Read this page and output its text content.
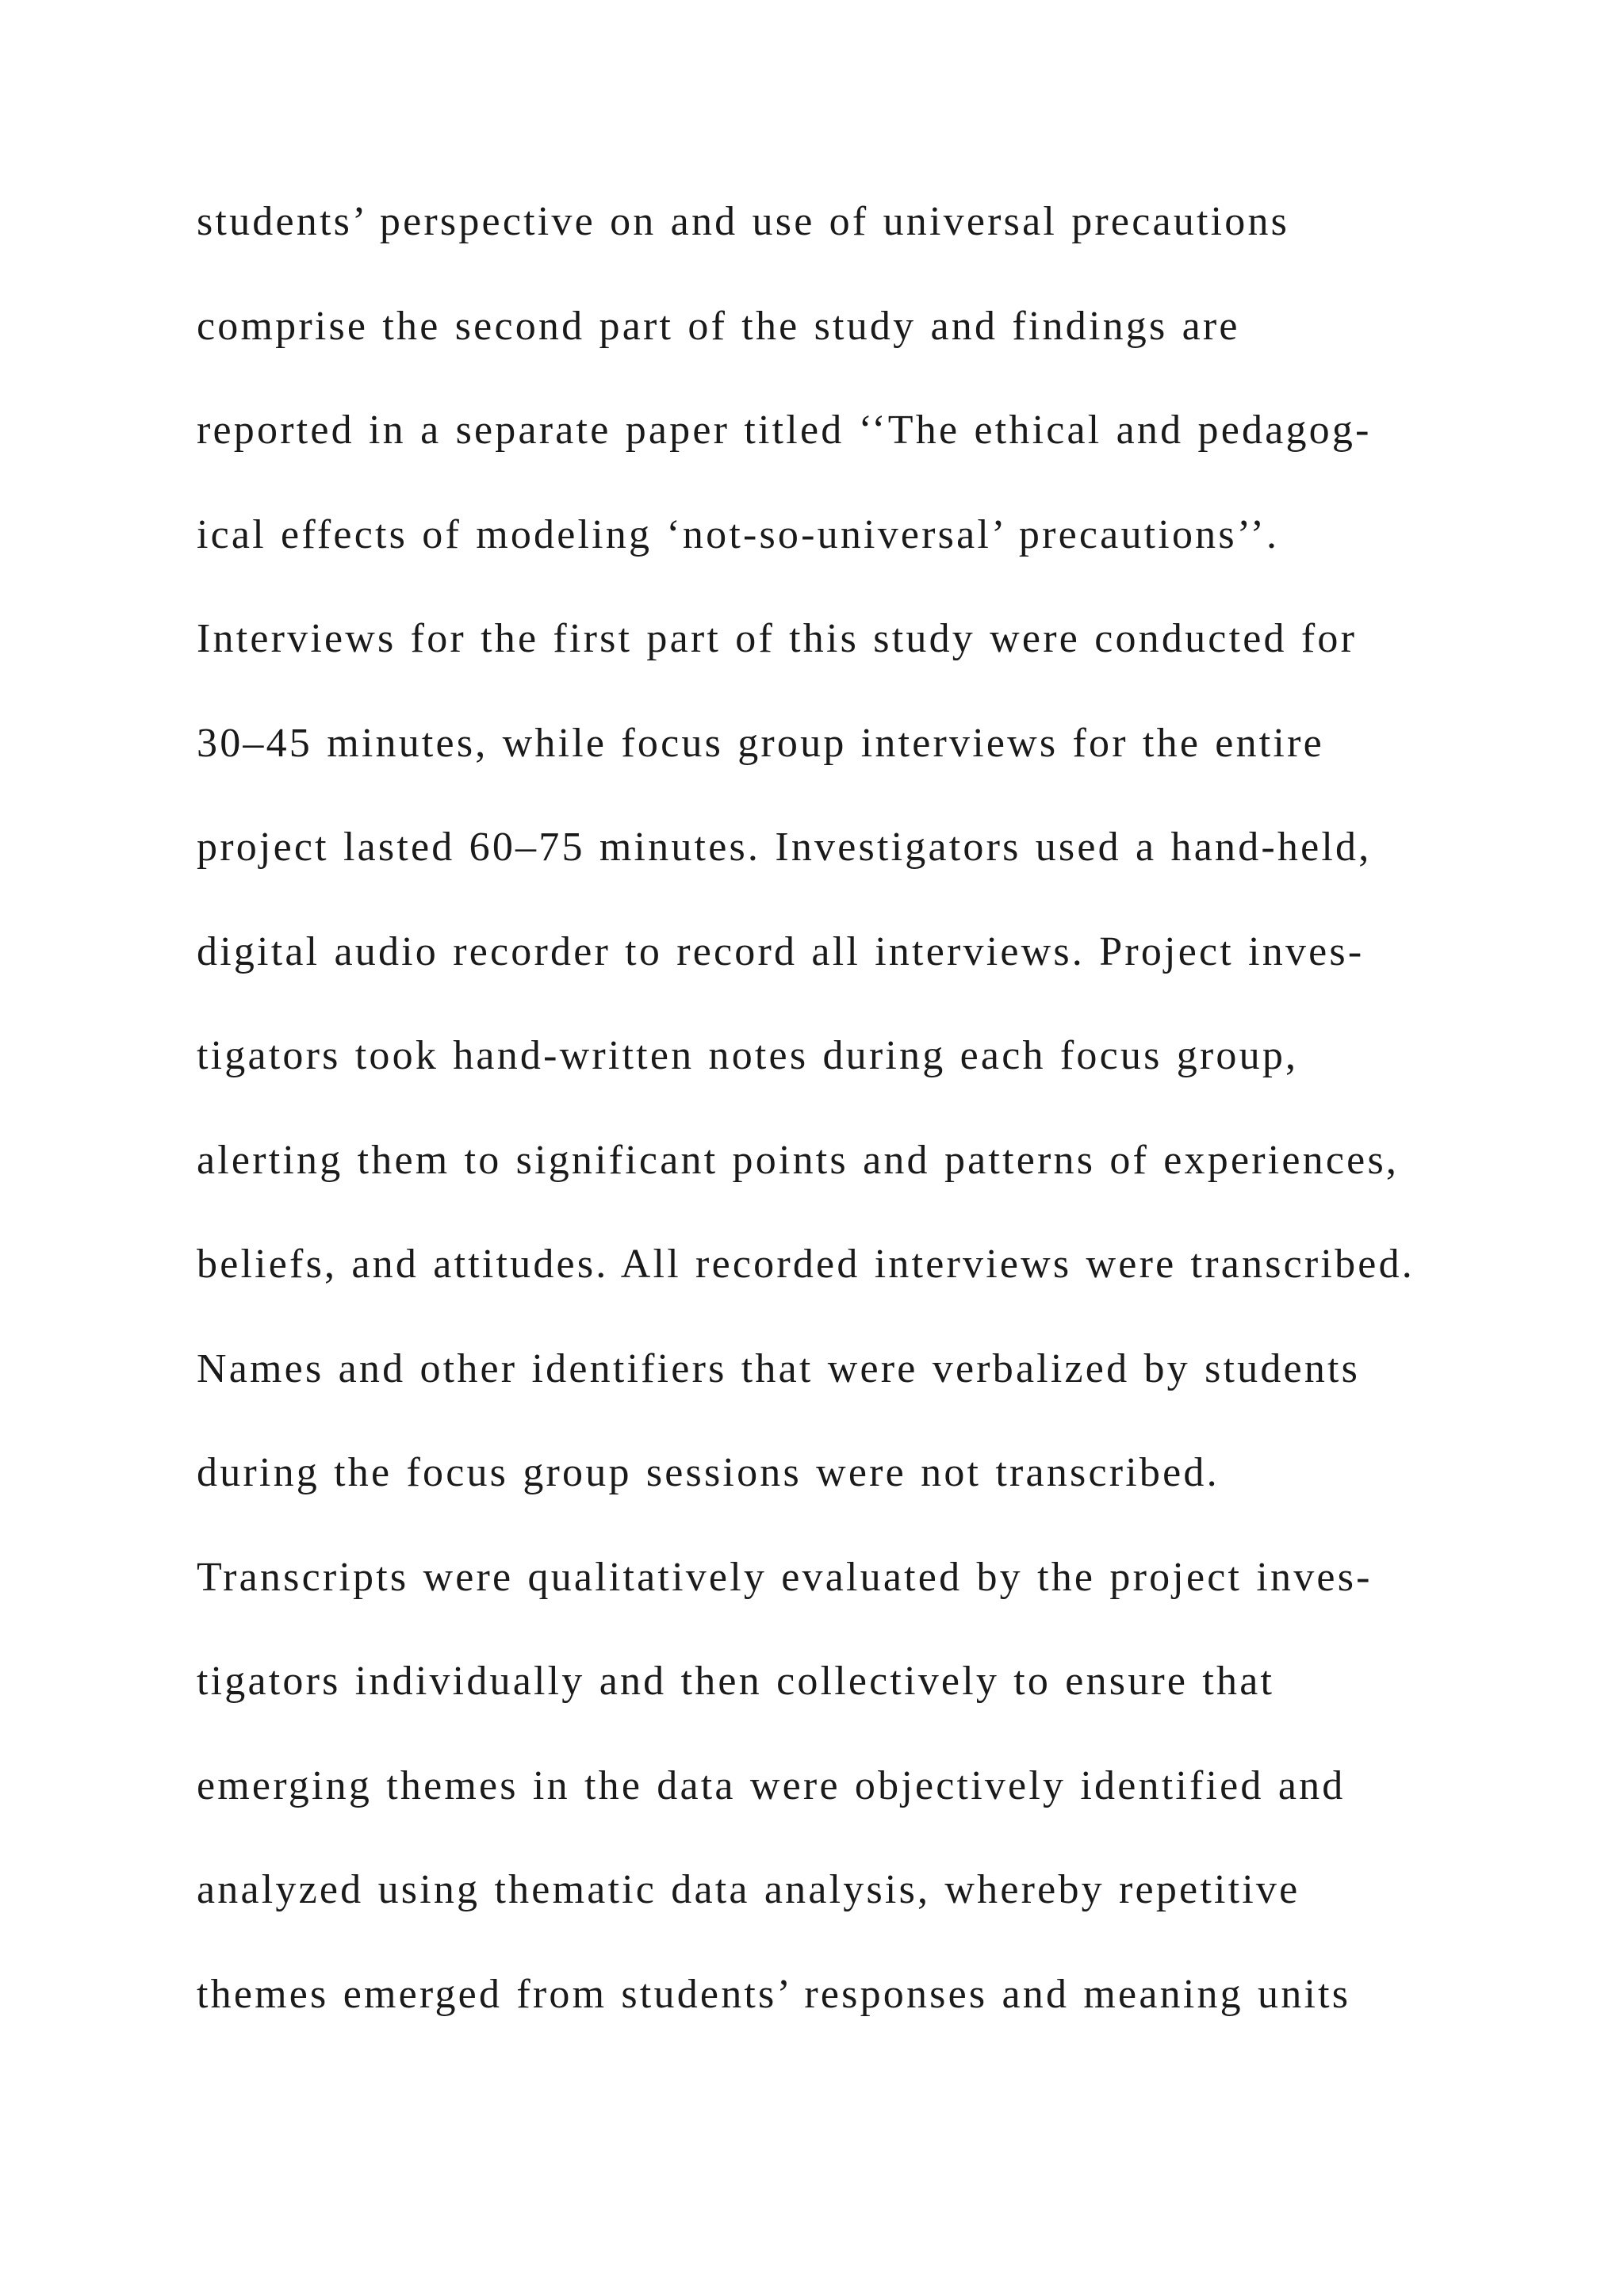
students’ perspective on and use of universal precautions
comprise the second part of the study and findings are
reported in a separate paper titled ‘‘The ethical and pedagog-
ical effects of modeling ‘not-so-universal’ precautions’’.
Interviews for the first part of this study were conducted for
30–45 minutes, while focus group interviews for the entire
project lasted 60–75 minutes. Investigators used a hand-held,
digital audio recorder to record all interviews. Project inves-
tigators took hand-written notes during each focus group,
alerting them to significant points and patterns of experiences,
beliefs, and attitudes. All recorded interviews were transcribed.
Names and other identifiers that were verbalized by students
during the focus group sessions were not transcribed.
Transcripts were qualitatively evaluated by the project inves-
tigators individually and then collectively to ensure that
emerging themes in the data were objectively identified and
analyzed using thematic data analysis, whereby repetitive
themes emerged from students’ responses and meaning units
